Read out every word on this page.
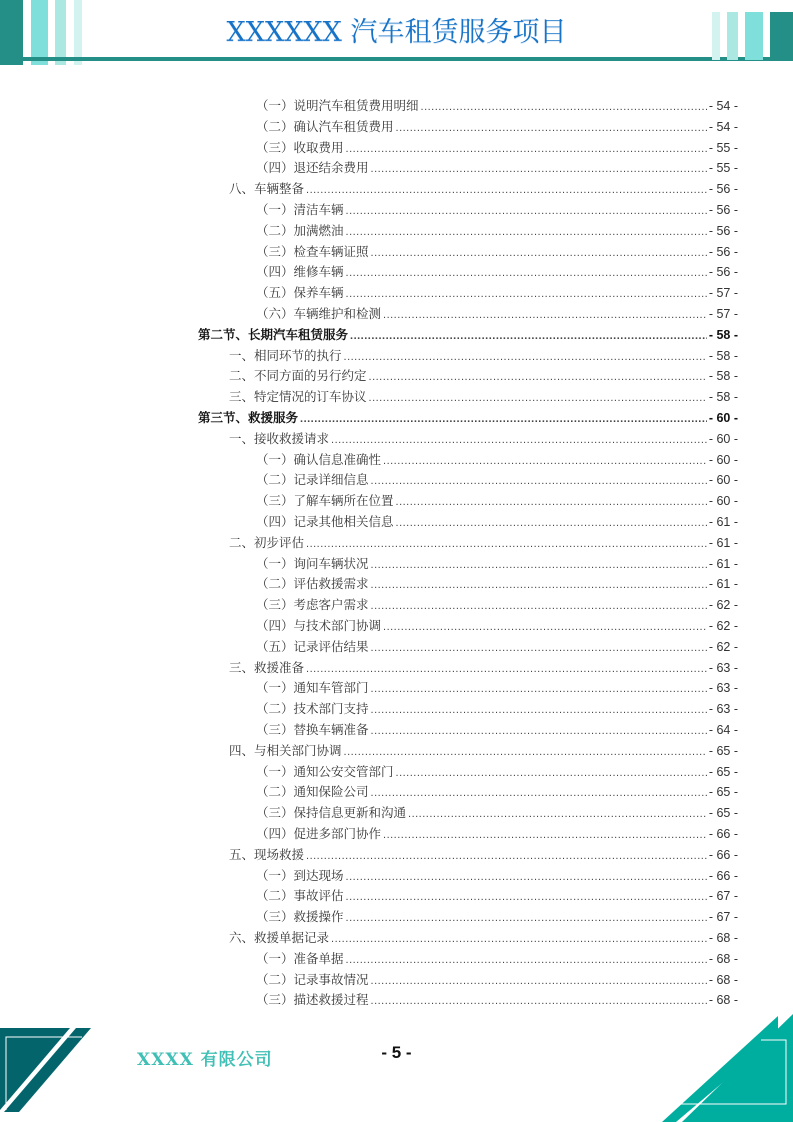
XXXXXX 汽车租赁服务项目
（一）说明汽车租赁费用明细 .....	- 54 -
（二）确认汽车租赁费用 .....	- 54 -
（三）收取费用 .....	- 55 -
（四）退还结余费用 .....	- 55 -
八、车辆整备 .....	- 56 -
（一）清洁车辆 .....	- 56 -
（二）加满燃油 .....	- 56 -
（三）检查车辆证照 .....	- 56 -
（四）维修车辆 .....	- 56 -
（五）保养车辆 .....	- 57 -
（六）车辆维护和检测 .....	- 57 -
第二节、长期汽车租赁服务 .....	- 58 -
一、相同环节的执行 .....	- 58 -
二、不同方面的另行约定 .....	- 58 -
三、特定情况的订车协议 .....	- 58 -
第三节、救援服务 .....	- 60 -
一、接收救援请求 .....	- 60 -
（一）确认信息准确性 .....	- 60 -
（二）记录详细信息 .....	- 60 -
（三）了解车辆所在位置 .....	- 60 -
（四）记录其他相关信息 .....	- 61 -
二、初步评估 .....	- 61 -
（一）询问车辆状况 .....	- 61 -
（二）评估救援需求 .....	- 61 -
（三）考虑客户需求 .....	- 62 -
（四）与技术部门协调 .....	- 62 -
（五）记录评估结果 .....	- 62 -
三、救援准备 .....	- 63 -
（一）通知车管部门 .....	- 63 -
（二）技术部门支持 .....	- 63 -
（三）替换车辆准备 .....	- 64 -
四、与相关部门协调 .....	- 65 -
（一）通知公安交管部门 .....	- 65 -
（二）通知保险公司 .....	- 65 -
（三）保持信息更新和沟通 .....	- 65 -
（四）促进多部门协作 .....	- 66 -
五、现场救援 .....	- 66 -
（一）到达现场 .....	- 66 -
（二）事故评估 .....	- 67 -
（三）救援操作 .....	- 67 -
六、救援单据记录 .....	- 68 -
（一）准备单据 .....	- 68 -
（二）记录事故情况 .....	- 68 -
（三）描述救援过程 .....	- 68 -
XXXX 有限公司	- 5 -
